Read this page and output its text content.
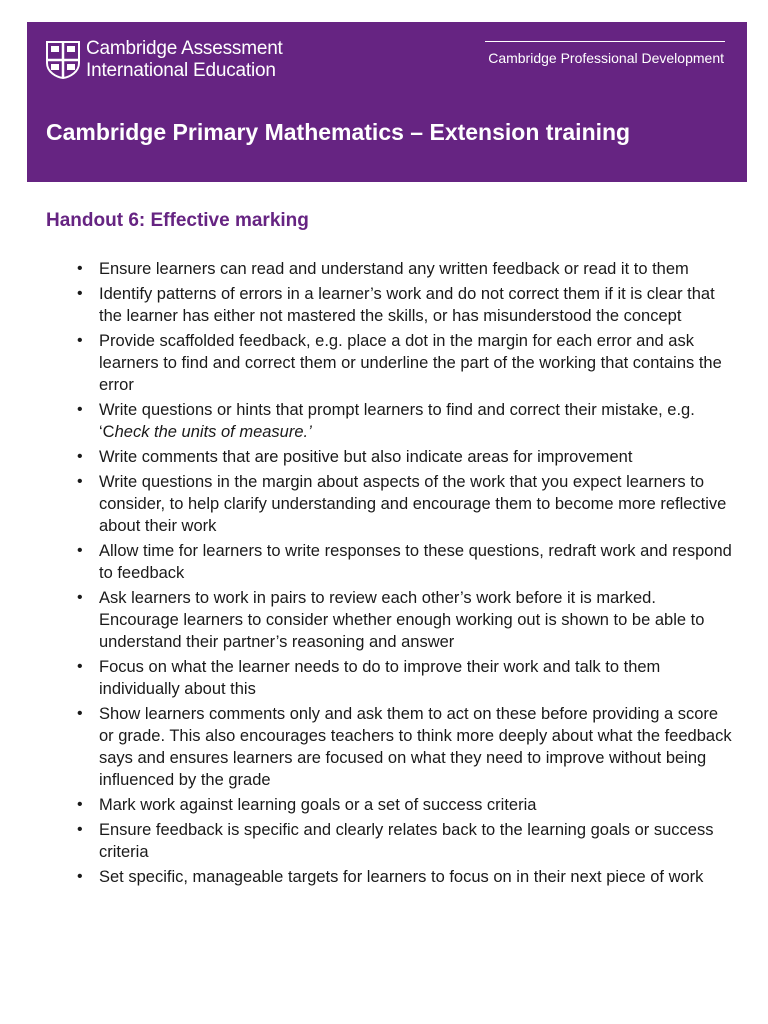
Cambridge Assessment
International Education
Cambridge Professional Development
Cambridge Primary Mathematics – Extension training
Handout 6: Effective marking
• Ensure learners can read and understand any written feedback or read it to them
• Identify patterns of errors in a learner’s work and do not correct them if it is clear that the learner has either not mastered the skills, or has misunderstood the concept
• Provide scaffolded feedback, e.g. place a dot in the margin for each error and ask learners to find and correct them or underline the part of the working that contains the error
• Write questions or hints that prompt learners to find and correct their mistake, e.g. ‘Check the units of measure.’
• Write comments that are positive but also indicate areas for improvement
• Write questions in the margin about aspects of the work that you expect learners to consider, to help clarify understanding and encourage them to become more reflective about their work
• Allow time for learners to write responses to these questions, redraft work and respond to feedback
• Ask learners to work in pairs to review each other’s work before it is marked. Encourage learners to consider whether enough working out is shown to be able to understand their partner’s reasoning and answer
• Focus on what the learner needs to do to improve their work and talk to them individually about this
• Show learners comments only and ask them to act on these before providing a score or grade. This also encourages teachers to think more deeply about what the feedback says and ensures learners are focused on what they need to improve without being influenced by the grade
• Mark work against learning goals or a set of success criteria
• Ensure feedback is specific and clearly relates back to the learning goals or success criteria
• Set specific, manageable targets for learners to focus on in their next piece of work
